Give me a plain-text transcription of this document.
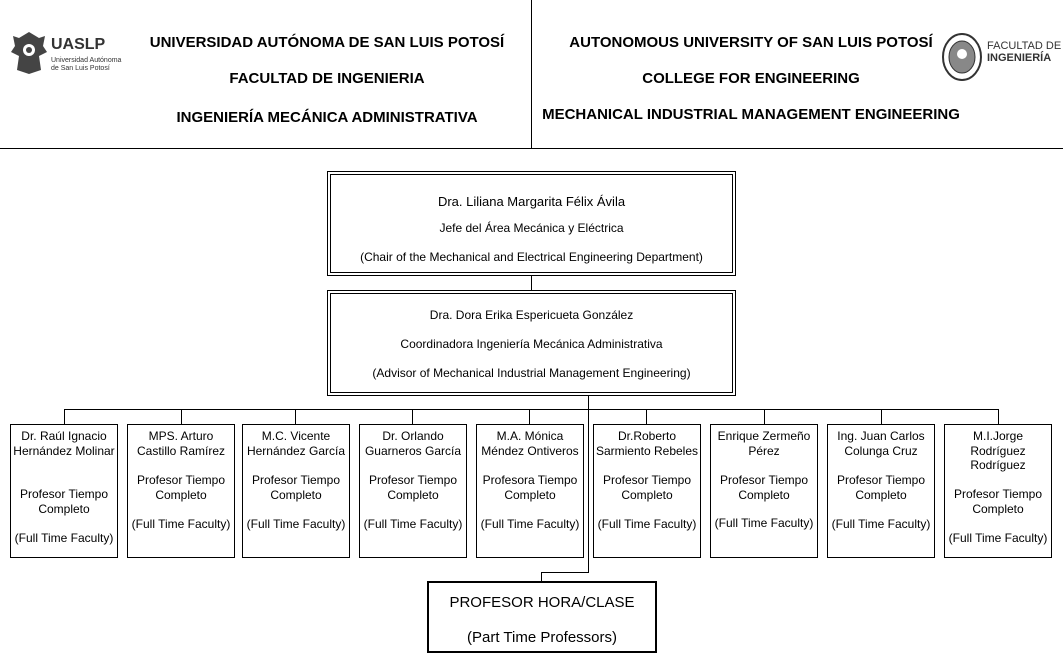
UASLP
Universidad Autónoma
de San Luis Potosí
UNIVERSIDAD AUTÓNOMA DE SAN LUIS POTOSÍ
FACULTAD DE INGENIERIA
INGENIERÍA MECÁNICA ADMINISTRATIVA
AUTONOMOUS UNIVERSITY OF SAN LUIS POTOSÍ
COLLEGE FOR ENGINEERING
MECHANICAL INDUSTRIAL MANAGEMENT ENGINEERING
FACULTAD DE
INGENIERÍA
Dra. Liliana Margarita Félix Ávila
Jefe del Área Mecánica y Eléctrica
(Chair of the Mechanical and Electrical Engineering Department)
Dra. Dora Erika Espericueta González
Coordinadora Ingeniería Mecánica Administrativa
(Advisor of Mechanical Industrial Management Engineering)
Dr. Raúl Ignacio Hernández Molinar
Profesor Tiempo Completo
(Full Time Faculty)
MPS. Arturo Castillo Ramírez
Profesor Tiempo Completo
(Full Time Faculty)
M.C. Vicente Hernández García
Profesor Tiempo Completo
(Full Time Faculty)
Dr. Orlando Guarneros García
Profesor Tiempo Completo
(Full Time Faculty)
M.A. Mónica Méndez Ontiveros
Profesora Tiempo Completo
(Full Time Faculty)
Dr.Roberto Sarmiento Rebeles
Profesor Tiempo Completo
(Full Time Faculty)
Enrique Zermeño Pérez
Profesor Tiempo Completo
(Full Time Faculty)
Ing. Juan Carlos Colunga Cruz
Profesor Tiempo Completo
(Full Time Faculty)
M.I.Jorge Rodríguez Rodríguez
Profesor Tiempo Completo
(Full Time Faculty)
PROFESOR HORA/CLASE
(Part Time Professors)
